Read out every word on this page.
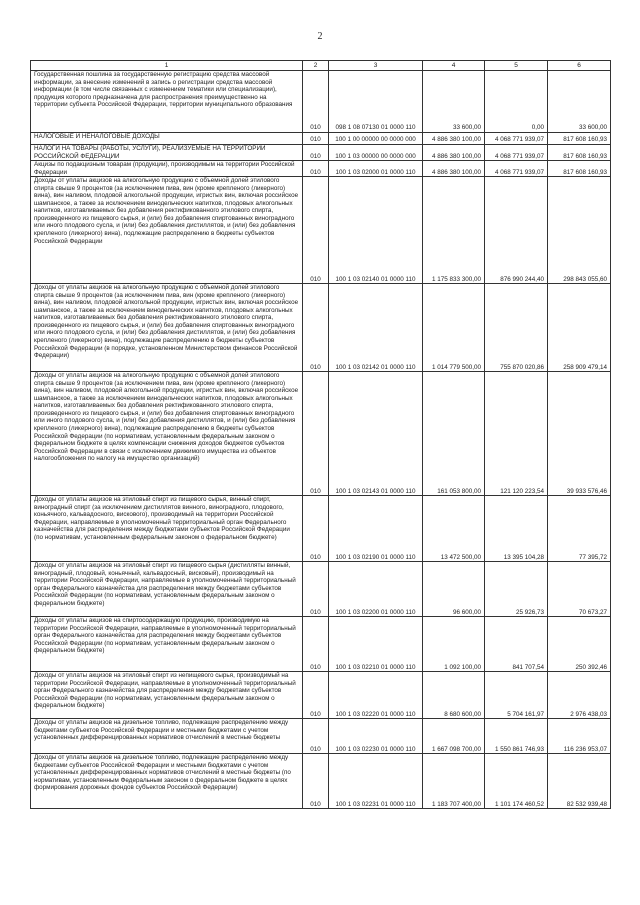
2
1	2	3	4	5	6

Государственная пошлина за государственную регистрацию средства массовой информации, за внесение изменений в запись о регистрации средства массовой информации (в том числе связанных с изменением тематики или специализации), продукция которого предназначена для распространения преимущественно на территории субъекта Российской Федерации, территории муниципального образования	010	098 1 08 07130 01 0000 110	33 600,00	0,00	33 600,00

НАЛОГОВЫЕ И НЕНАЛОГОВЫЕ ДОХОДЫ	010	100 1 00 00000 00 0000 000	4 886 380 100,00	4 068 771 939,07	817 608 160,93

НАЛОГИ НА ТОВАРЫ (РАБОТЫ, УСЛУГИ), РЕАЛИЗУЕМЫЕ НА ТЕРРИТОРИИ РОССИЙСКОЙ ФЕДЕРАЦИИ	010	100 1 03 00000 00 0000 000	4 886 380 100,00	4 068 771 939,07	817 608 160,93

Акцизы по подакцизным товарам (продукции), производимым на территории Российской Федерации	010	100 1 03 02000 01 0000 110	4 886 380 100,00	4 068 771 939,07	817 608 160,93

Доходы от уплаты акцизов на алкогольную продукцию с объемной долей этилового спирта свыше 9 процентов (за исключением пива, вин (кроме крепленого (ликерного) вина), вин наливом, плодовой алкогольной продукции, игристых вин, включая российское шампанское, а также за исключением винодельческих напитков, плодовых алкогольных напитков, изготавливаемых без добавления ректификованного этилового спирта, произведенного из пищевого сырья, и (или) без добавления спиртованных виноградного или иного плодового сусла, и (или) без добавления дистиллятов, и (или) без добавления крепленого (ликерного) вина), подлежащие распределению в бюджеты субъектов Российской Федерации	010	100 1 03 02140 01 0000 110	1 175 833 300,00	876 990 244,40	298 843 055,60

Доходы от уплаты акцизов на алкогольную продукцию с объемной долей этилового спирта свыше 9 процентов (за исключением пива, вин (кроме крепленого (ликерного) вина), вин наливом, плодовой алкогольной продукции, игристых вин, включая российское шампанское, а также за исключением винодельческих напитков, плодовых алкогольных напитков, изготавливаемых без добавления ректификованного этилового спирта, произведенного из пищевого сырья, и (или) без добавления спиртованных виноградного или иного плодового сусла, и (или) без добавления дистиллятов, и (или) без добавления крепленого (ликерного) вина), подлежащие распределению в бюджеты субъектов Российской Федерации (в порядке, установленном Министерством финансов Российской Федерации)	010	100 1 03 02142 01 0000 110	1 014 779 500,00	755 870 020,86	258 909 479,14

Доходы от уплаты акцизов на алкогольную продукцию с объемной долей этилового спирта свыше 9 процентов (за исключением пива, вин (кроме крепленого (ликерного) вина), вин наливом, плодовой алкогольной продукции, игристых вин, включая российское шампанское, а также за исключением винодельческих напитков, плодовых алкогольных напитков, изготавливаемых без добавления ректификованного этилового спирта, произведенного из пищевого сырья, и (или) без добавления спиртованных виноградного или иного плодового сусла, и (или) без добавления дистиллятов, и (или) без добавления крепленого (ликерного) вина), подлежащие распределению в бюджеты субъектов Российской Федерации (по нормативам, установленным федеральным законом о федеральном бюджете в целях компенсации снижения доходов бюджетов субъектов Российской Федерации в связи с исключением движимого имущества из объектов налогообложения по налогу на имущество организаций)	010	100 1 03 02143 01 0000 110	161 053 800,00	121 120 223,54	39 933 576,46

Доходы от уплаты акцизов на этиловый спирт из пищевого сырья, винный спирт, виноградный спирт (за исключением дистиллятов винного, виноградного, плодового, коньячного, кальвадосного, вискового), производимый на территории Российской Федерации, направляемые в уполномоченный территориальный орган Федерального казначейства для распределения между бюджетами субъектов Российской Федерации (по нормативам, установленным федеральным законом о федеральном бюджете)	010	100 1 03 02190 01 0000 110	13 472 500,00	13 395 104,28	77 395,72

Доходы от уплаты акцизов на этиловый спирт из пищевого сырья (дистилляты винный, виноградный, плодовый, коньячный, кальвадосный, висковый), производимый на территории Российской Федерации, направляемые в уполномоченный территориальный орган Федерального казначейства для распределения между бюджетами субъектов Российской Федерации (по нормативам, установленным федеральным законом о федеральном бюджете)	010	100 1 03 02200 01 0000 110	96 600,00	25 926,73	70 673,27

Доходы от уплаты акцизов на спиртосодержащую продукцию, производимую на территории Российской Федерации, направляемые в уполномоченный территориальный орган Федерального казначейства для распределения между бюджетами субъектов Российской Федерации (по нормативам, установленным федеральным законом о федеральном бюджете)	010	100 1 03 02210 01 0000 110	1 092 100,00	841 707,54	250 392,46

Доходы от уплаты акцизов на этиловый спирт из непищевого сырья, производимый на территории Российской Федерации, направляемые в уполномоченный территориальный орган Федерального казначейства для распределения между бюджетами субъектов Российской Федерации (по нормативам, установленным федеральным законом о федеральном бюджете)	010	100 1 03 02220 01 0000 110	8 680 600,00	5 704 161,97	2 976 438,03

Доходы от уплаты акцизов на дизельное топливо, подлежащие распределению между бюджетами субъектов Российской Федерации и местными бюджетами с учетом установленных дифференцированных нормативов отчислений в местные бюджеты	010	100 1 03 02230 01 0000 110	1 667 098 700,00	1 550 861 746,93	116 236 953,07

Доходы от уплаты акцизов на дизельное топливо, подлежащие распределению между бюджетами субъектов Российской Федерации и местными бюджетами с учетом установленных дифференцированных нормативов отчислений в местные бюджеты (по нормативам, установленным Федеральным законом о федеральном бюджете в целях формирования дорожных фондов субъектов Российской Федерации)	010	100 1 03 02231 01 0000 110	1 183 707 400,00	1 101 174 460,52	82 532 939,48
